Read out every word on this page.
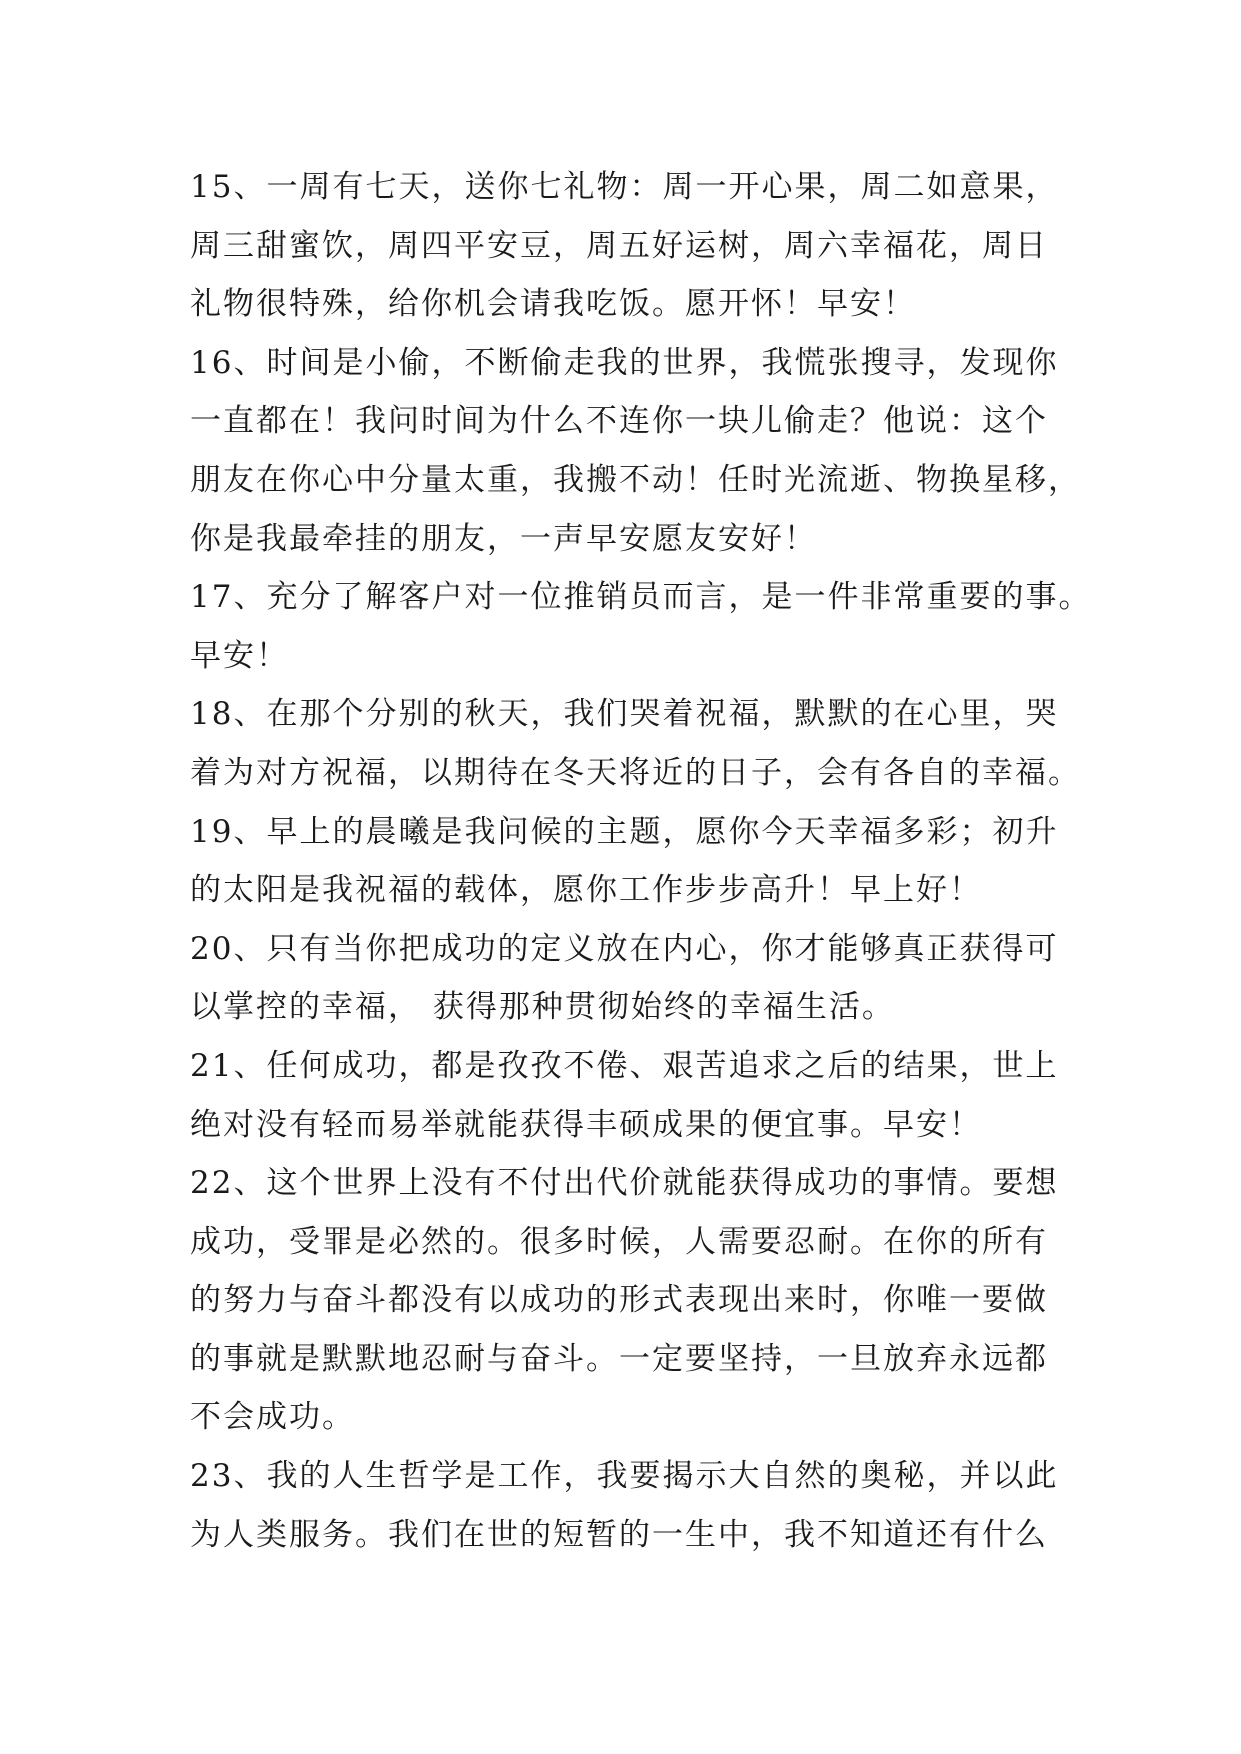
15、一周有七天，送你七礼物：周一开心果，周二如意果，
周三甜蜜饮，周四平安豆，周五好运树，周六幸福花，周日
礼物很特殊，给你机会请我吃饭。愿开怀！早安！
16、时间是小偷，不断偷走我的世界，我慌张搜寻，发现你
一直都在！我问时间为什么不连你一块儿偷走？他说：这个
朋友在你心中分量太重，我搬不动！任时光流逝、物换星移，
你是我最牵挂的朋友，一声早安愿友安好！
17、充分了解客户对一位推销员而言，是一件非常重要的事。
早安！
18、在那个分别的秋天，我们哭着祝福，默默的在心里，哭
着为对方祝福，以期待在冬天将近的日子，会有各自的幸福。
19、早上的晨曦是我问候的主题，愿你今天幸福多彩；初升
的太阳是我祝福的载体，愿你工作步步高升！早上好！
20、只有当你把成功的定义放在内心，你才能够真正获得可
以掌控的幸福， 获得那种贯彻始终的幸福生活。
21、任何成功，都是孜孜不倦、艰苦追求之后的结果，世上
绝对没有轻而易举就能获得丰硕成果的便宜事。早安！
22、这个世界上没有不付出代价就能获得成功的事情。要想
成功，受罪是必然的。很多时候，人需要忍耐。在你的所有
的努力与奋斗都没有以成功的形式表现出来时，你唯一要做
的事就是默默地忍耐与奋斗。一定要坚持，一旦放弃永远都
不会成功。
23、我的人生哲学是工作，我要揭示大自然的奥秘，并以此
为人类服务。我们在世的短暂的一生中，我不知道还有什么
